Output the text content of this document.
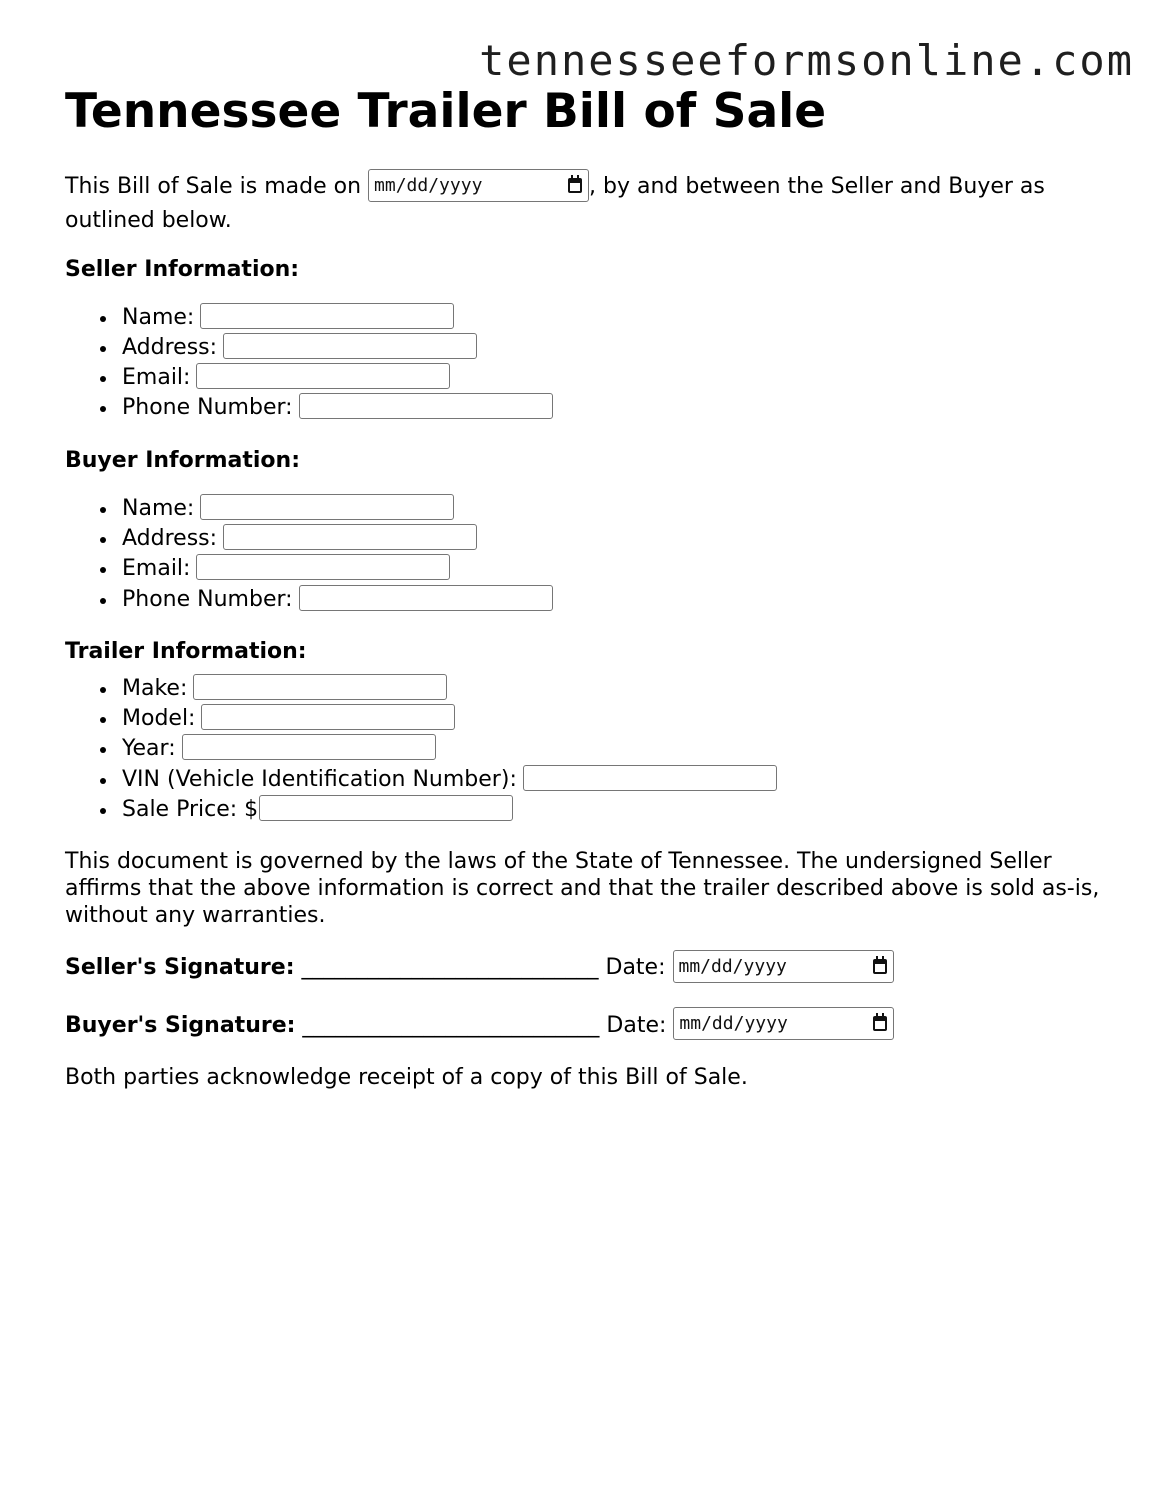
tennesseeformsonline.com
Tennessee Trailer Bill of Sale

This Bill of Sale is made on mm/dd/yyyy	, by and between the Seller and Buyer as outlined below.

Seller Information:

Name:
Address:
Email:
Phone Number:

Buyer Information:

Name:
Address:
Email:
Phone Number:

Trailer Information:

Make:
Model:
Year:
VIN (Vehicle Identification Number):
Sale Price: $

This document is governed by the laws of the State of Tennessee. The undersigned Seller affirms that the above information is correct and that the trailer described above is sold as-is, without any warranties.

Seller's Signature: ___________________________ Date: mm/dd/yyyy

Buyer's Signature: ___________________________ Date: mm/dd/yyyy

Both parties acknowledge receipt of a copy of this Bill of Sale.
